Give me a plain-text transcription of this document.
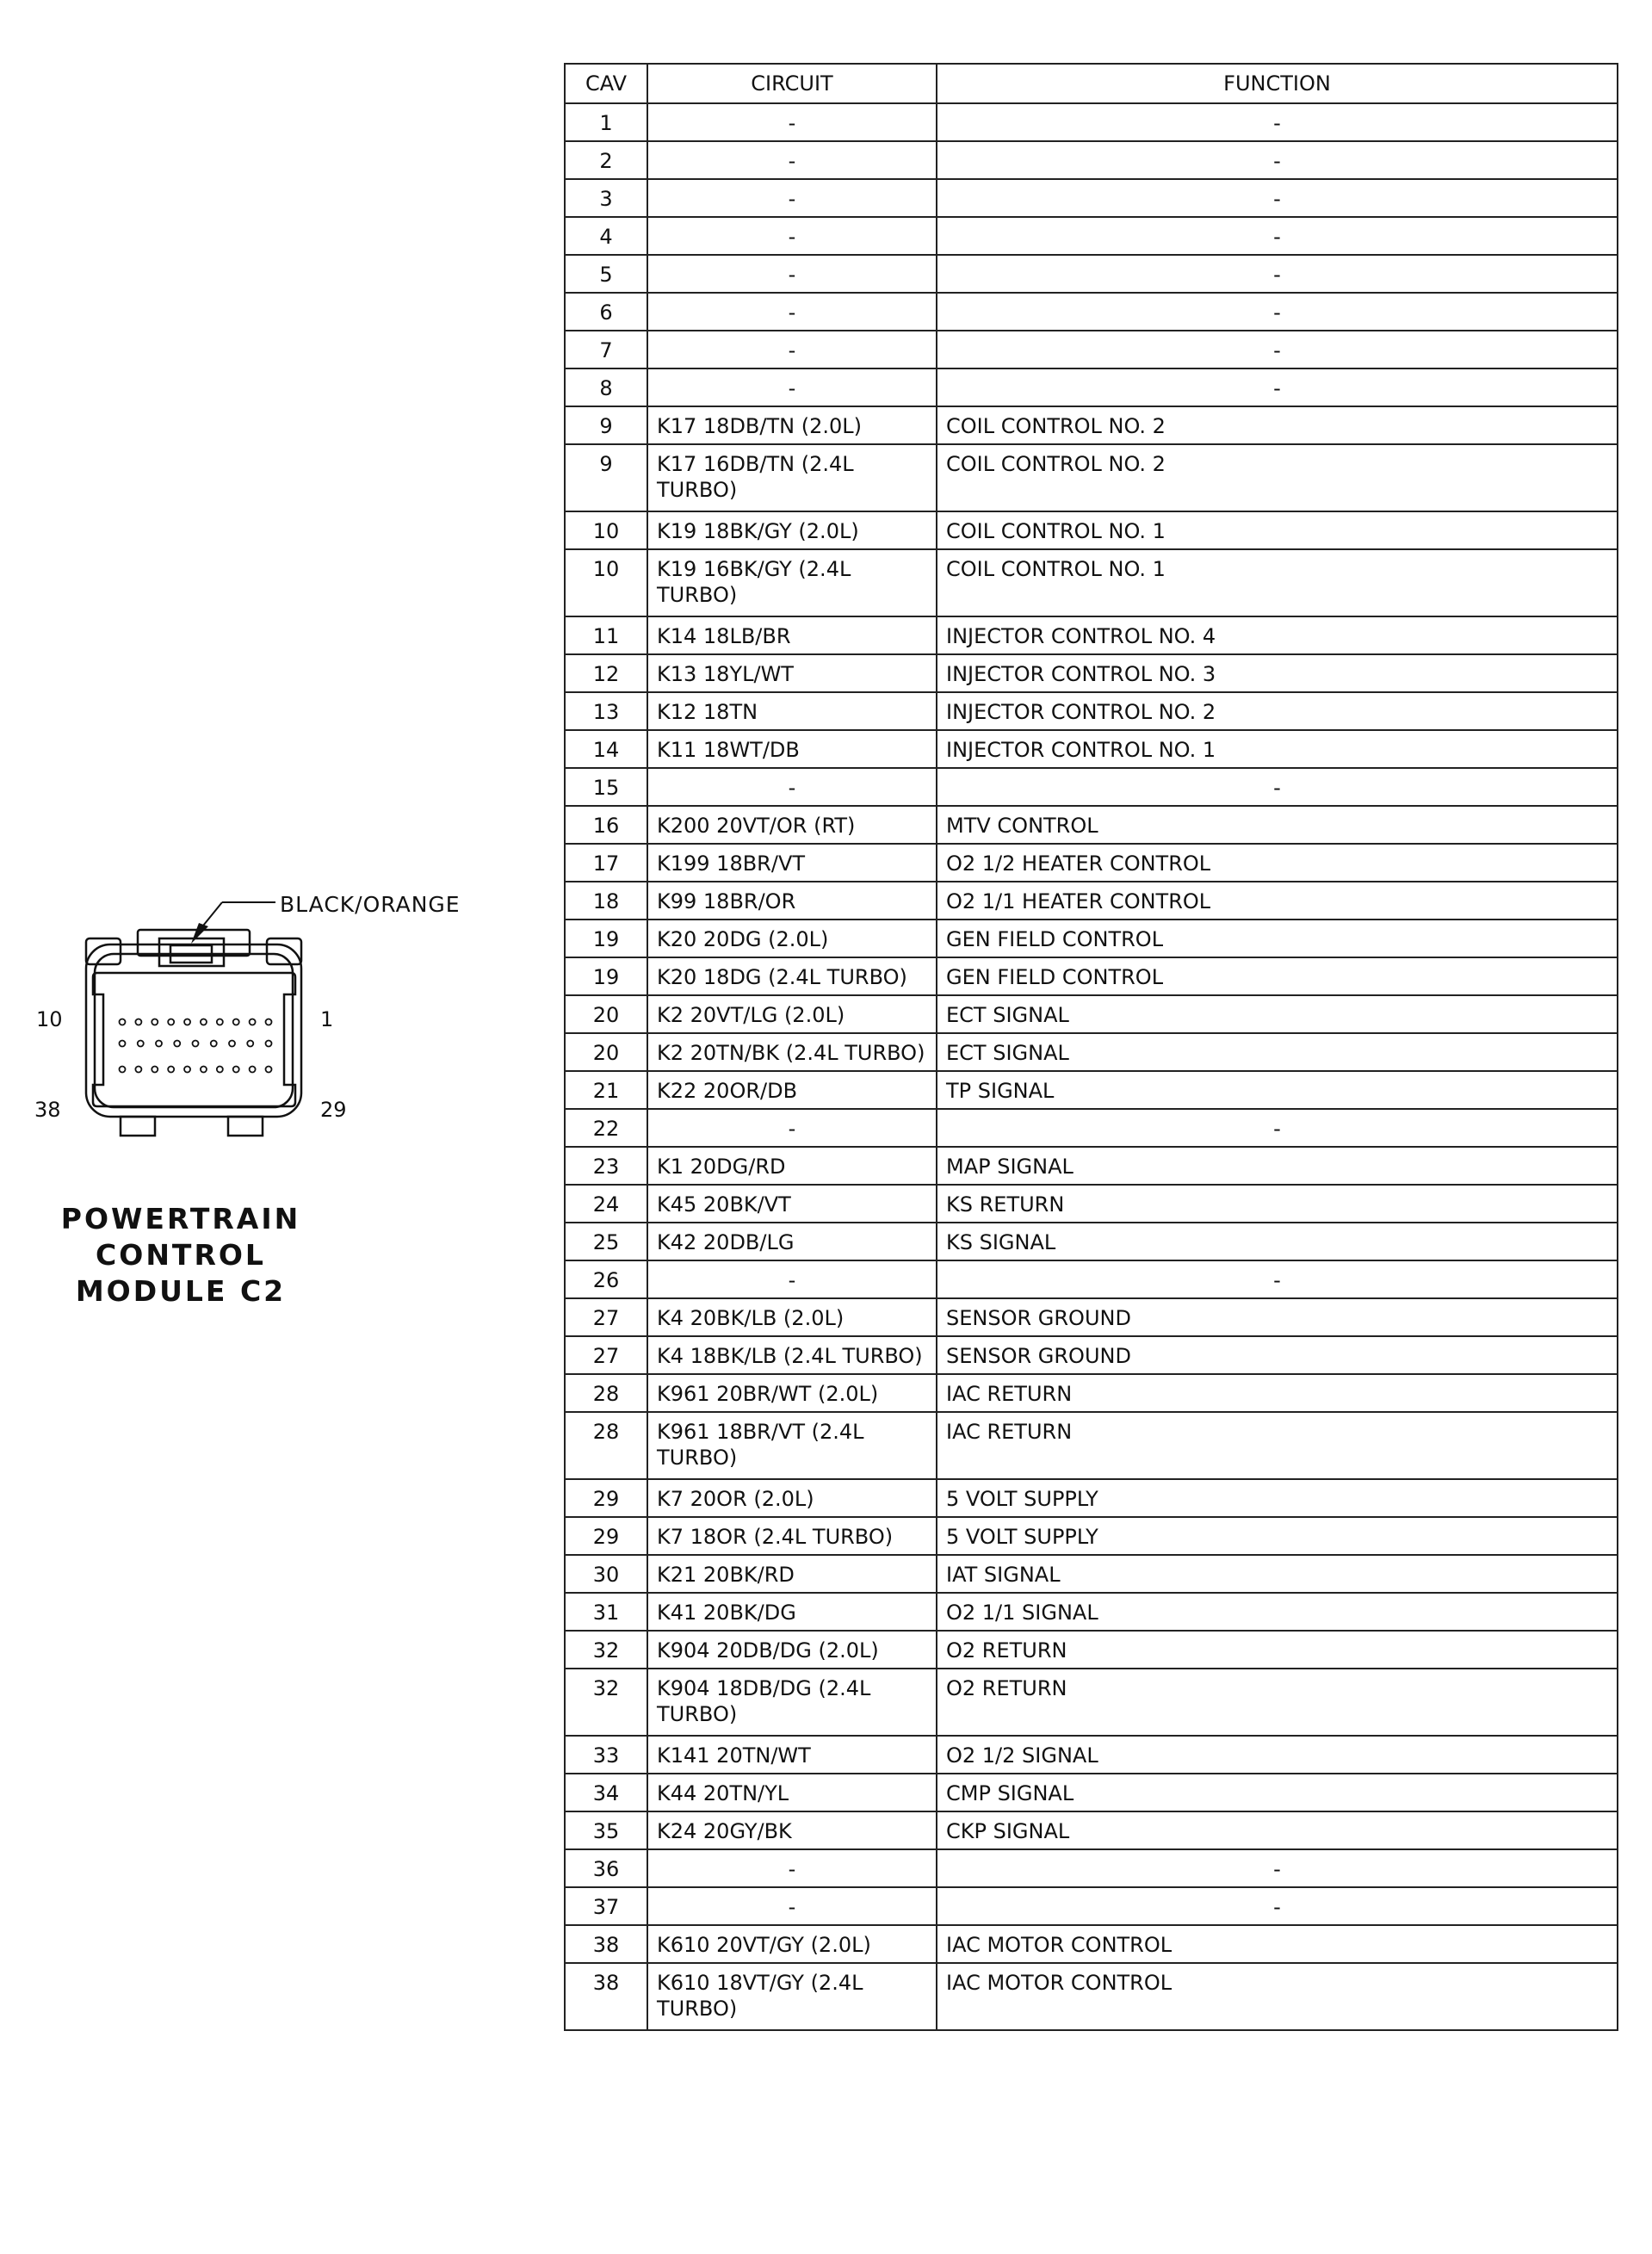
BLACK/ORANGE
10	1
38	29
POWERTRAIN
CONTROL
MODULE C2
CAV	CIRCUIT	FUNCTION
1	-	-
2	-	-
3	-	-
4	-	-
5	-	-
6	-	-
7	-	-
8	-	-
9	K17 18DB/TN (2.0L)	COIL CONTROL NO. 2
9	K17 16DB/TN (2.4L TURBO)	COIL CONTROL NO. 2
10	K19 18BK/GY (2.0L)	COIL CONTROL NO. 1
10	K19 16BK/GY (2.4L TURBO)	COIL CONTROL NO. 1
11	K14 18LB/BR	INJECTOR CONTROL NO. 4
12	K13 18YL/WT	INJECTOR CONTROL NO. 3
13	K12 18TN	INJECTOR CONTROL NO. 2
14	K11 18WT/DB	INJECTOR CONTROL NO. 1
15	-	-
16	K200 20VT/OR (RT)	MTV CONTROL
17	K199 18BR/VT	O2 1/2 HEATER CONTROL
18	K99 18BR/OR	O2 1/1 HEATER CONTROL
19	K20 20DG (2.0L)	GEN FIELD CONTROL
19	K20 18DG (2.4L TURBO)	GEN FIELD CONTROL
20	K2 20VT/LG (2.0L)	ECT SIGNAL
20	K2 20TN/BK (2.4L TURBO)	ECT SIGNAL
21	K22 20OR/DB	TP SIGNAL
22	-	-
23	K1 20DG/RD	MAP SIGNAL
24	K45 20BK/VT	KS RETURN
25	K42 20DB/LG	KS SIGNAL
26	-	-
27	K4 20BK/LB (2.0L)	SENSOR GROUND
27	K4 18BK/LB (2.4L TURBO)	SENSOR GROUND
28	K961 20BR/WT (2.0L)	IAC RETURN
28	K961 18BR/VT (2.4L TURBO)	IAC RETURN
29	K7 20OR (2.0L)	5 VOLT SUPPLY
29	K7 18OR (2.4L TURBO)	5 VOLT SUPPLY
30	K21 20BK/RD	IAT SIGNAL
31	K41 20BK/DG	O2 1/1 SIGNAL
32	K904 20DB/DG (2.0L)	O2 RETURN
32	K904 18DB/DG (2.4L TURBO)	O2 RETURN
33	K141 20TN/WT	O2 1/2 SIGNAL
34	K44 20TN/YL	CMP SIGNAL
35	K24 20GY/BK	CKP SIGNAL
36	-	-
37	-	-
38	K610 20VT/GY (2.0L)	IAC MOTOR CONTROL
38	K610 18VT/GY (2.4L TURBO)	IAC MOTOR CONTROL
